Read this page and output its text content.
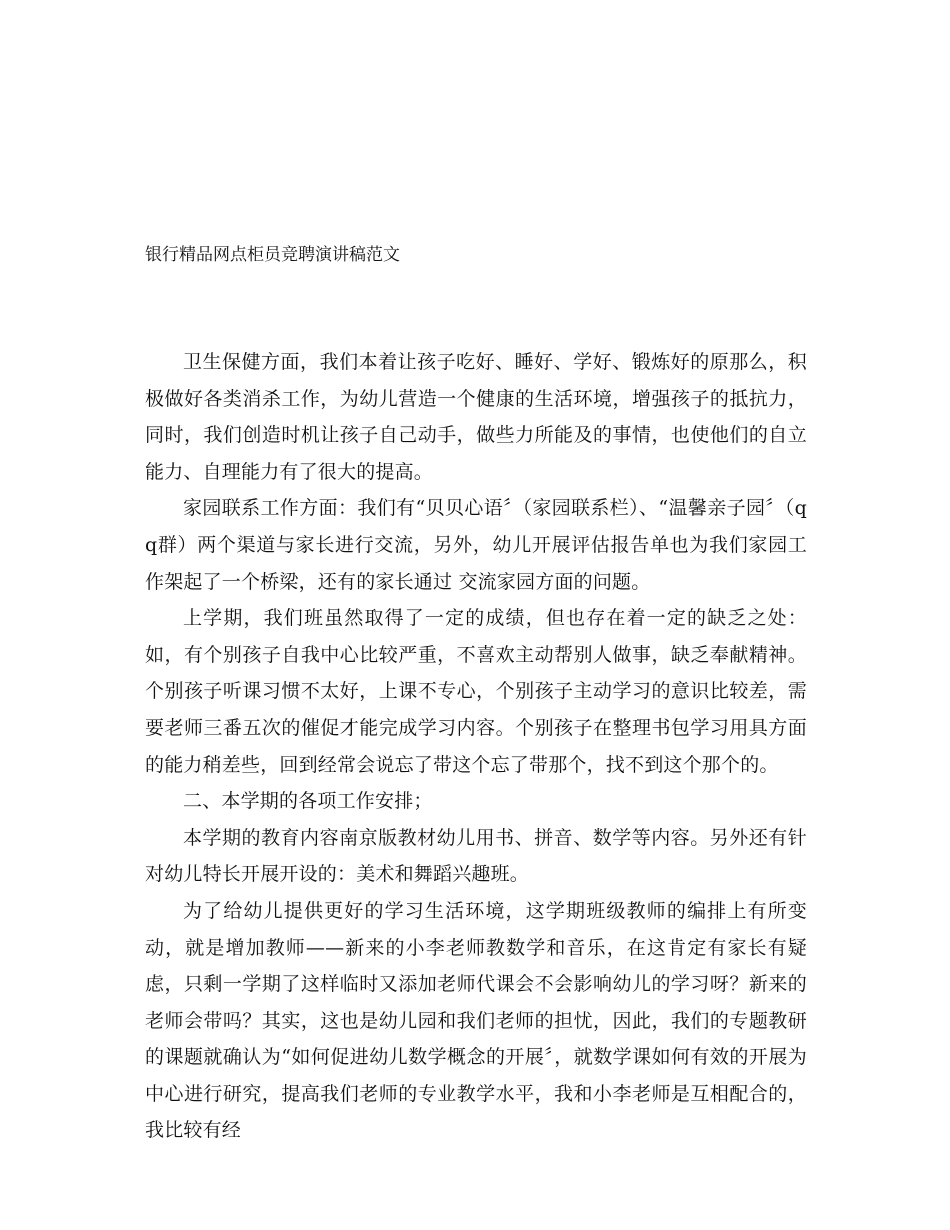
银行精品网点柜员竞聘演讲稿范文

卫生保健方面，我们本着让孩子吃好、睡好、学好、锻炼好的原那么，积极做好各类消杀工作，为幼儿营造一个健康的生活环境，增强孩子的抵抗力，同时，我们创造时机让孩子自己动手，做些力所能及的事情，也使他们的自立能力、自理能力有了很大的提高。

家园联系工作方面：我们有“贝贝心语〞（家园联系栏）、“温馨亲子园〞（qq群）两个渠道与家长进行交流，另外，幼儿开展评估报告单也为我们家园工作架起了一个桥梁，还有的家长通过 交流家园方面的问题。

上学期，我们班虽然取得了一定的成绩，但也存在着一定的缺乏之处：如，有个别孩子自我中心比较严重，不喜欢主动帮别人做事，缺乏奉献精神。个别孩子听课习惯不太好，上课不专心，个别孩子主动学习的意识比较差，需要老师三番五次的催促才能完成学习内容。个别孩子在整理书包学习用具方面的能力稍差些，回到经常会说忘了带这个忘了带那个，找不到这个那个的。

二、本学期的各项工作安排；

本学期的教育内容南京版教材幼儿用书、拼音、数学等内容。另外还有针对幼儿特长开展开设的：美术和舞蹈兴趣班。

为了给幼儿提供更好的学习生活环境，这学期班级教师的编排上有所变动，就是增加教师——新来的小李老师教数学和音乐，在这肯定有家长有疑虑，只剩一学期了这样临时又添加老师代课会不会影响幼儿的学习呀？新来的老师会带吗？其实，这也是幼儿园和我们老师的担忧，因此，我们的专题教研的课题就确认为“如何促进幼儿数学概念的开展〞，就数学课如何有效的开展为中心进行研究，提高我们老师的专业教学水平，我和小李老师是互相配合的，我比较有经
